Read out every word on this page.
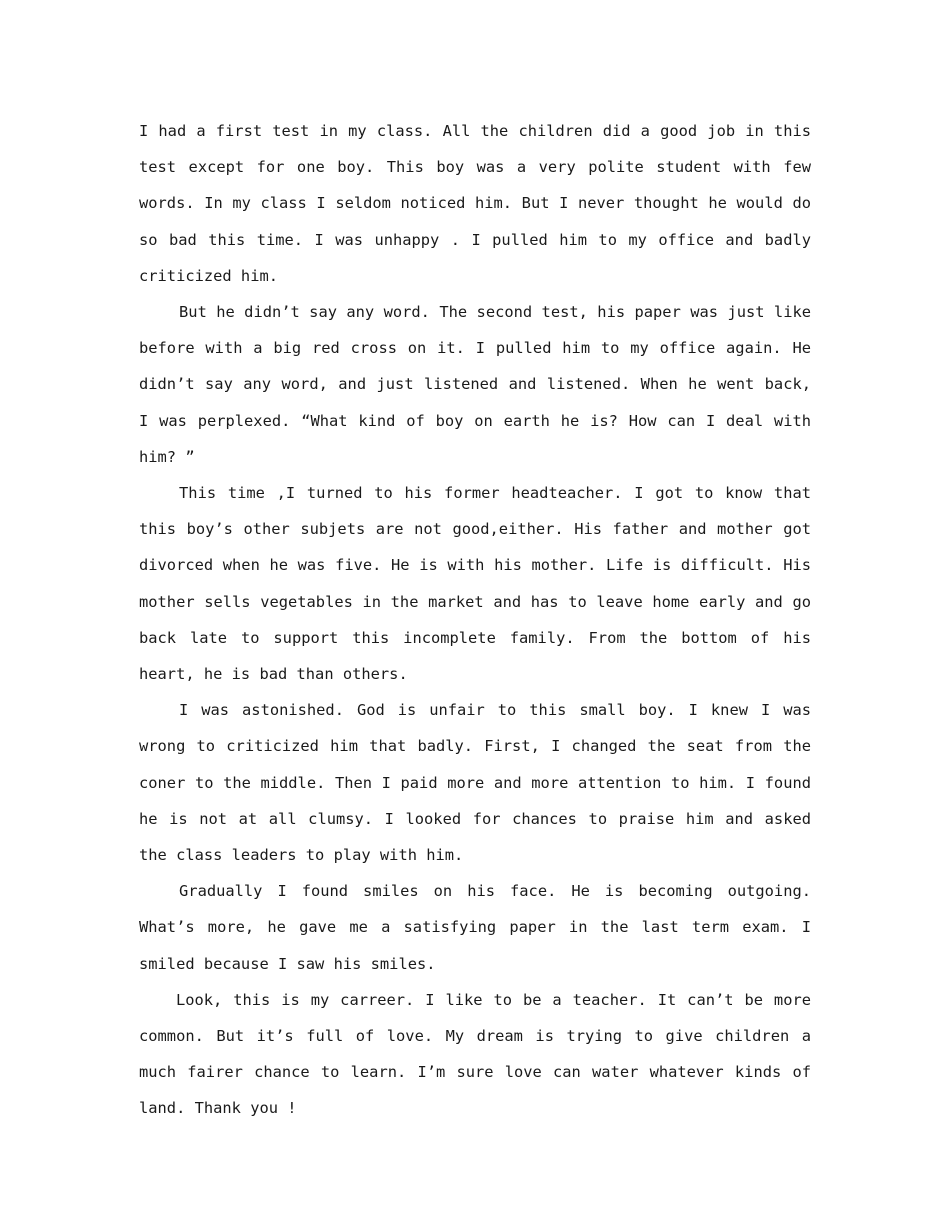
I had a first test in my class. All the children did a good job in this test except for one boy. This boy was a very polite student with few words. In my class I seldom noticed him. But I never thought he would do so bad this time. I was unhappy . I pulled him to my office and badly criticized him.

But he didn’t say any word. The second test, his paper was just like before with a big red cross on it. I pulled him to my office again. He didn’t say any word, and just listened and listened. When he went back, I was perplexed. “What kind of boy on earth he is? How can I deal with him? ”

This time ,I turned to his former headteacher. I got to know that this boy’s other subjets are not good,either. His father and mother got divorced when he was five. He is with his mother. Life is difficult. His mother sells vegetables in the market and has to leave home early and go back late to support this incomplete family. From the bottom of his heart, he is bad than others.

I was astonished. God is unfair to this small boy. I knew I was wrong to criticized him that badly. First, I changed the seat from the coner to the middle. Then I paid more and more attention to him. I found he is not at all clumsy. I looked for chances to praise him and asked the class leaders to play with him.

Gradually I found smiles on his face. He is becoming outgoing. What’s more, he gave me a satisfying paper in the last term exam. I smiled because I saw his smiles.

Look, this is my carreer. I like to be a teacher. It can’t be more common. But it’s full of love. My dream is trying to give children a much fairer chance to learn. I’m sure love can water whatever kinds of land. Thank you !
